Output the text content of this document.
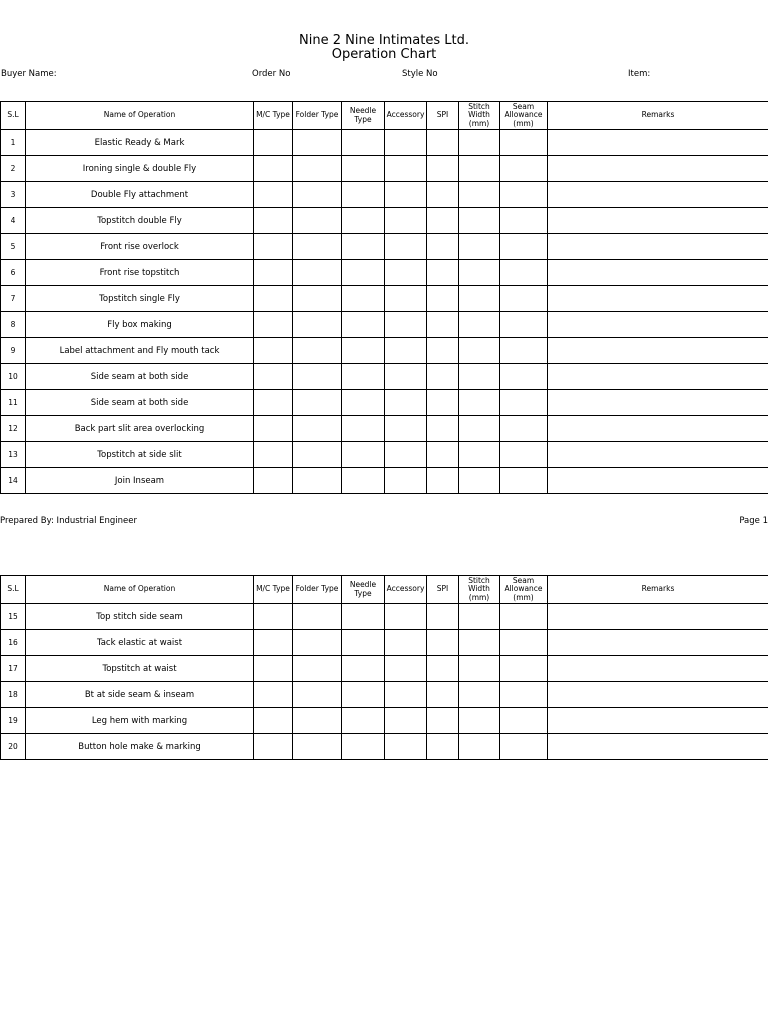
Nine 2 Nine Intimates Ltd.
Operation Chart
Buyer Name:	Order No	Style No	Item:
S.L	Name of Operation	M/C Type	Folder Type	Needle Type	Accessory	SPI	Stitch Width (mm)	Seam Allowance (mm)	Remarks
1	Elastic Ready & Mark								
2	Ironing single & double Fly								
3	Double Fly attachment								
4	Topstitch double Fly								
5	Front rise overlock								
6	Front rise topstitch								
7	Topstitch single Fly								
8	Fly box making								
9	Label attachment and Fly mouth tack								
10	Side seam at both side								
11	Side seam at both side								
12	Back part slit area overlocking								
13	Topstitch at side slit								
14	Join Inseam								
Prepared By: Industrial Engineer	Page 1
S.L	Name of Operation	M/C Type	Folder Type	Needle Type	Accessory	SPI	Stitch Width (mm)	Seam Allowance (mm)	Remarks
15	Top stitch side seam								
16	Tack elastic at waist								
17	Topstitch at waist								
18	Bt at side seam & inseam								
19	Leg hem with marking								
20	Button hole make & marking								
